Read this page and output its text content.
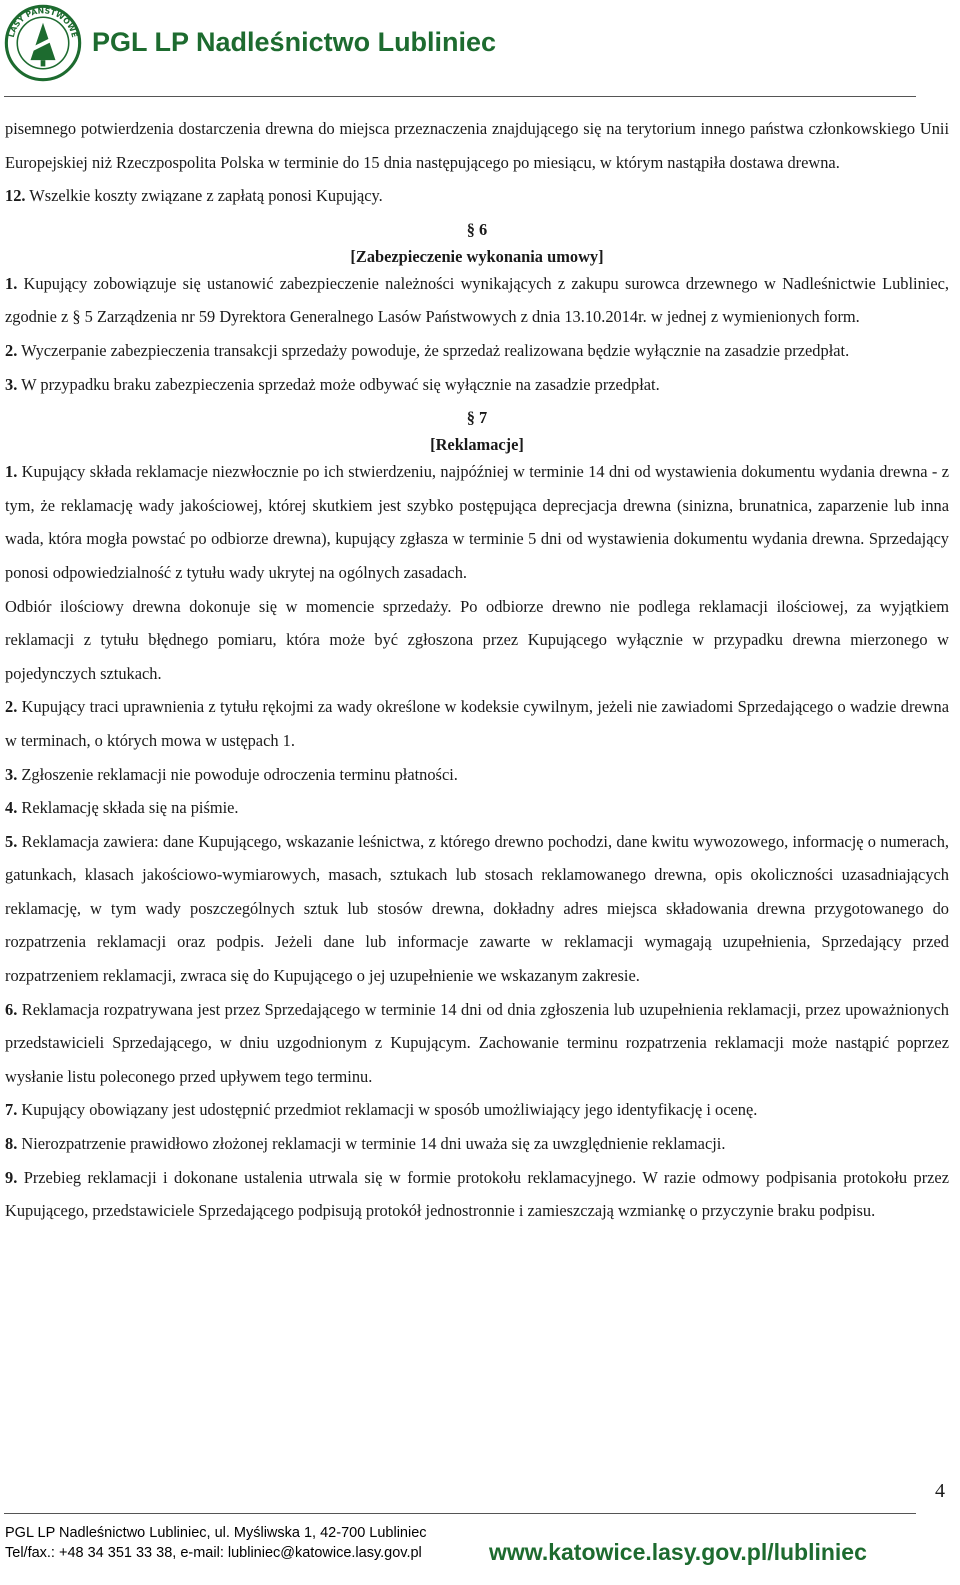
LASY PAŃSTWOWE PGL LP Nadleśnictwo Lubliniec

pisemnego potwierdzenia dostarczenia drewna do miejsca przeznaczenia znajdującego się na terytorium innego państwa członkowskiego Unii Europejskiej niż Rzeczpospolita Polska w terminie do 15 dnia następującego po miesiącu, w którym nastąpiła dostawa drewna.

12. Wszelkie koszty związane z zapłatą ponosi Kupujący.

§ 6

[Zabezpieczenie wykonania umowy]

1. Kupujący zobowiązuje się ustanowić zabezpieczenie należności wynikających z zakupu surowca drzewnego w Nadleśnictwie Lubliniec, zgodnie z § 5 Zarządzenia nr 59 Dyrektora Generalnego Lasów Państwowych z dnia 13.10.2014r. w jednej z wymienionych form.

2. Wyczerpanie zabezpieczenia transakcji sprzedaży powoduje, że sprzedaż realizowana będzie wyłącznie na zasadzie przedpłat.

3. W przypadku braku zabezpieczenia sprzedaż może odbywać się wyłącznie na zasadzie przedpłat.

§ 7

[Reklamacje]

1. Kupujący składa reklamacje niezwłocznie po ich stwierdzeniu, najpóźniej w terminie 14 dni od wystawienia dokumentu wydania drewna - z tym, że reklamację wady jakościowej, której skutkiem jest szybko postępująca deprecjacja drewna (sinizna, brunatnica, zaparzenie lub inna wada, która mogła powstać po odbiorze drewna), kupujący zgłasza w terminie 5 dni od wystawienia dokumentu wydania drewna. Sprzedający ponosi odpowiedzialność z tytułu wady ukrytej na ogólnych zasadach.

Odbiór ilościowy drewna dokonuje się w momencie sprzedaży. Po odbiorze drewno nie podlega reklamacji ilościowej, za wyjątkiem reklamacji z tytułu błędnego pomiaru, która może być zgłoszona przez Kupującego wyłącznie w przypadku drewna mierzonego w pojedynczych sztukach.

2. Kupujący traci uprawnienia z tytułu rękojmi za wady określone w kodeksie cywilnym, jeżeli nie zawiadomi Sprzedającego o wadzie drewna w terminach, o których mowa w ustępach 1.

3. Zgłoszenie reklamacji nie powoduje odroczenia terminu płatności.

4. Reklamację składa się na piśmie.

5. Reklamacja zawiera: dane Kupującego, wskazanie leśnictwa, z którego drewno pochodzi, dane kwitu wywozowego, informację o numerach, gatunkach, klasach jakościowo-wymiarowych, masach, sztukach lub stosach reklamowanego drewna, opis okoliczności uzasadniających reklamację, w tym wady poszczególnych sztuk lub stosów drewna, dokładny adres miejsca składowania drewna przygotowanego do rozpatrzenia reklamacji oraz podpis. Jeżeli dane lub informacje zawarte w reklamacji wymagają uzupełnienia, Sprzedający przed rozpatrzeniem reklamacji, zwraca się do Kupującego o jej uzupełnienie we wskazanym zakresie.

6. Reklamacja rozpatrywana jest przez Sprzedającego w terminie 14 dni od dnia zgłoszenia lub uzupełnienia reklamacji, przez upoważnionych przedstawicieli Sprzedającego, w dniu uzgodnionym z Kupującym. Zachowanie terminu rozpatrzenia reklamacji może nastąpić poprzez wysłanie listu poleconego przed upływem tego terminu.

7. Kupujący obowiązany jest udostępnić przedmiot reklamacji w sposób umożliwiający jego identyfikację i ocenę.

8. Nierozpatrzenie prawidłowo złożonej reklamacji w terminie 14 dni uważa się za uwzględnienie reklamacji.

9. Przebieg reklamacji i dokonane ustalenia utrwala się w formie protokołu reklamacyjnego. W razie odmowy podpisania protokołu przez Kupującego, przedstawiciele Sprzedającego podpisują protokół jednostronnie i zamieszczają wzmiankę o przyczynie braku podpisu.

4
PGL LP Nadleśnictwo Lubliniec, ul. Myśliwska 1, 42-700 Lubliniec
Tel/fax.: +48 34 351 33 38, e-mail: lubliniec@katowice.lasy.gov.pl	www.katowice.lasy.gov.pl/lubliniec
